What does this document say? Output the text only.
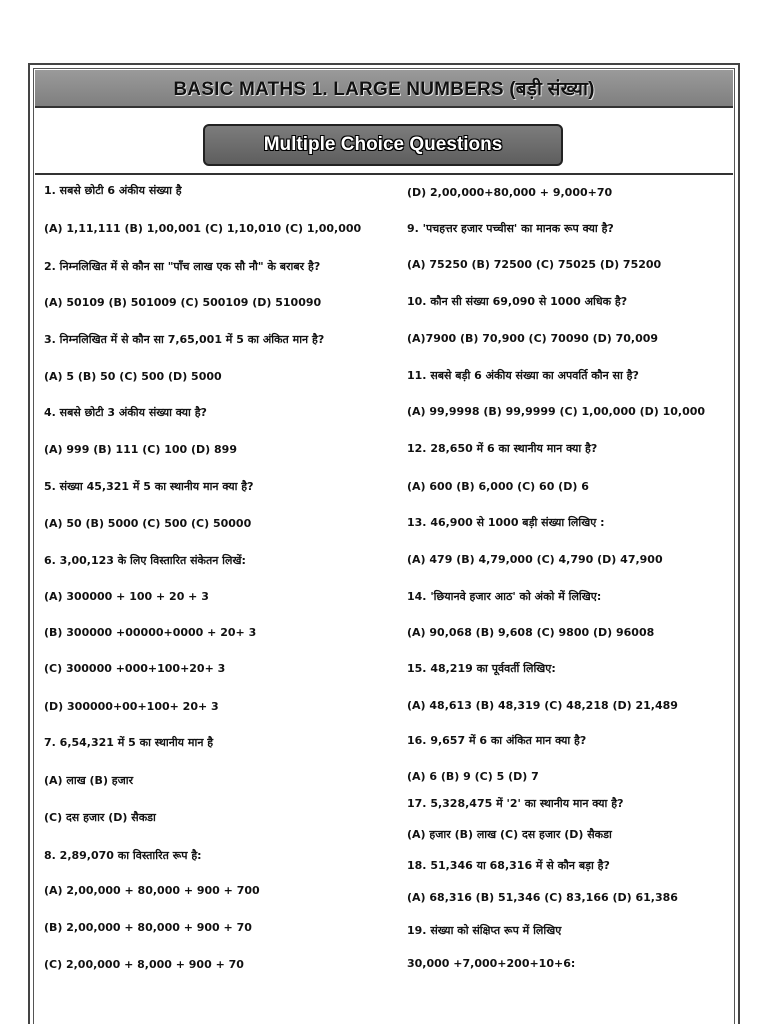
BASIC MATHS 1. LARGE NUMBERS (बड़ी संख्या)
Multiple Choice Questions
1. सबसे छोटी 6 अंकीय संख्या है
(A) 1,11,111 (B) 1,00,001 (C) 1,10,010 (C) 1,00,000
2. निम्नलिखित में से कौन सा "पाँच लाख एक सौ नौ" के बराबर है?
(A) 50109 (B) 501009 (C) 500109 (D) 510090
3. निम्नलिखित में से कौन सा 7,65,001 में 5 का अंकित मान है?
(A) 5 (B) 50 (C) 500 (D) 5000
4. सबसे छोटी 3 अंकीय संख्या क्या है?
(A) 999 (B) 111 (C) 100 (D) 899
5. संख्या 45,321 में 5 का स्थानीय मान क्या है?
(A) 50 (B) 5000 (C) 500 (C) 50000
6. 3,00,123 के लिए विस्तारित संकेतन लिखें:
(A) 300000 + 100 + 20 + 3
(B) 300000 +00000+0000 + 20+ 3
(C) 300000 +000+100+20+ 3
(D) 300000+00+100+ 20+ 3
7. 6,54,321 में 5 का स्थानीय मान है
(A) लाख (B) हजार
(C) दस हजार (D) सैकडा
8. 2,89,070 का विस्तारित रूप है:
(A) 2,00,000 + 80,000 + 900 + 700
(B) 2,00,000 + 80,000 + 900 + 70
(C) 2,00,000 + 8,000 + 900 + 70
(D) 2,00,000+80,000 + 9,000+70
9. 'पचहत्तर हजार पच्चीस' का मानक रूप क्या है?
(A) 75250 (B) 72500 (C) 75025 (D) 75200
10. कौन सी संख्या 69,090 से 1000 अधिक है?
(A)7900 (B) 70,900 (C) 70090 (D) 70,009
11. सबसे बड़ी 6 अंकीय संख्या का अपवर्ति कौन सा है?
(A) 99,9998 (B) 99,9999 (C) 1,00,000 (D) 10,000
12. 28,650 में 6 का स्थानीय मान क्या है?
(A) 600 (B) 6,000 (C) 60 (D) 6
13. 46,900 से 1000 बड़ी संख्या लिखिए :
(A) 479 (B) 4,79,000 (C) 4,790 (D) 47,900
14. 'छियानवे हजार आठ' को अंको में लिखिए:
(A) 90,068 (B) 9,608 (C) 9800 (D) 96008
15. 48,219 का पूर्ववर्ती लिखिए:
(A) 48,613 (B) 48,319 (C) 48,218 (D) 21,489
16. 9,657 में 6 का अंकित मान क्या है?
(A) 6 (B) 9 (C) 5 (D) 7
17. 5,328,475 में '2' का स्थानीय मान क्या है?
(A) हजार (B) लाख (C) दस हजार (D) सैकडा
18. 51,346 या 68,316 में से कौन बड़ा है?
(A) 68,316 (B) 51,346 (C) 83,166 (D) 61,386
19. संख्या को संक्षिप्त रूप में लिखिए
30,000 +7,000+200+10+6:
